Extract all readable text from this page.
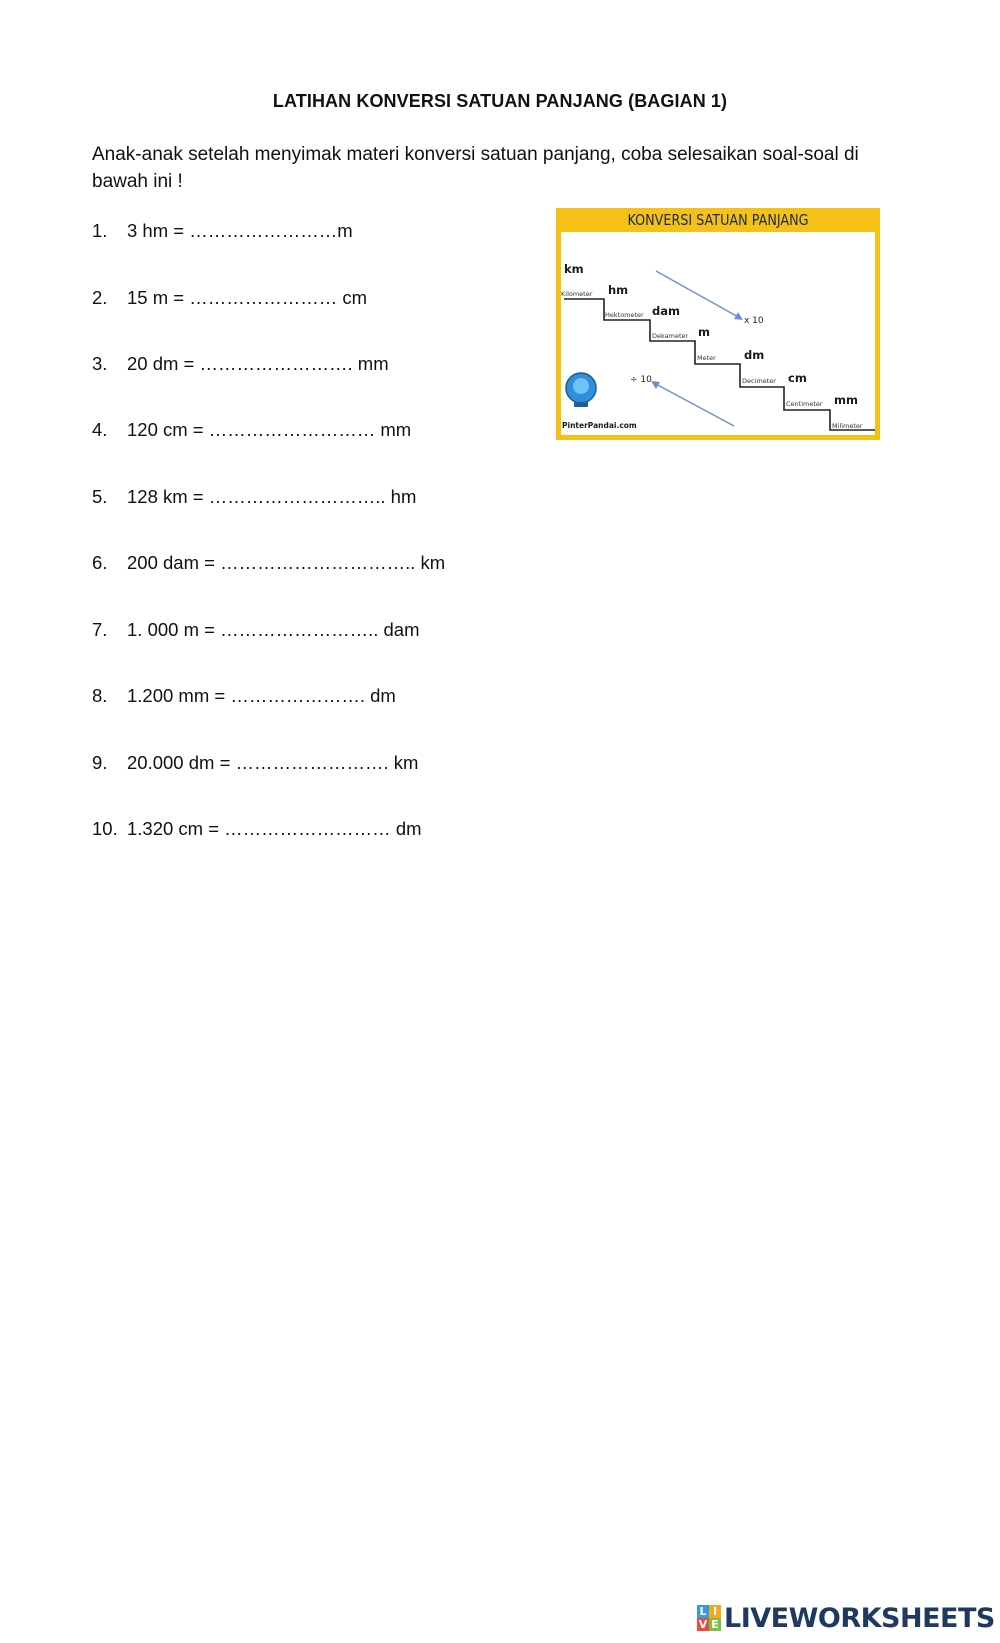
LATIHAN KONVERSI SATUAN PANJANG (BAGIAN 1)
Anak-anak setelah menyimak materi konversi satuan panjang, coba selesaikan soal-soal di bawah ini !
1. 3 hm = ……………………m
2. 15 m = …………………… cm
3. 20 dm = ……………………. mm
4. 120 cm = ……………………… mm
5. 128 km = ……………………….. hm
6. 200 dam = ………………………….. km
7. 1. 000 m = …………………….. dam
8. 1.200 mm = …………………. dm
9. 20.000 dm = ……………………. km
10. 1.320 cm = ……………………… dm
KONVERSI SATUAN PANJANG
km
hm
dam
m
dm
cm
mm
Kilometer
Hektometer
Dekameter
Meter
Decimeter
Centimeter
Milimeter
x 10
÷ 10
PinterPandai.com
L I
V E LIVEWORKSHEETS
